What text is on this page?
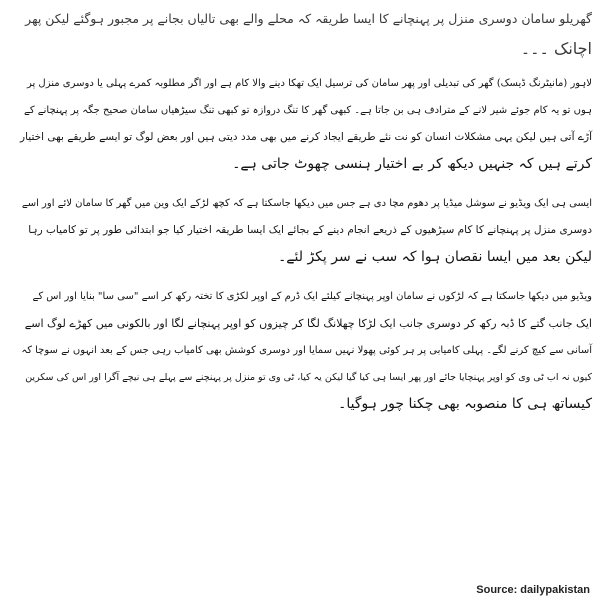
گھریلو سامان دوسری منزل پر پہنچانے کا ایسا طریقہ کہ محلے والے بھی تالیاں بجانے پر مجبور ہوگئے لیکن پھر
اچانک ۔۔۔
لاہور (مانیٹرنگ ڈیسک) گھر کی تبدیلی اور پھر سامان کی ترسیل ایک تھکا دینے والا کام ہے اور اگر مطلوبہ کمرے پہلی یا دوسری منزل پر
ہوں تو یہ کام جوئے شیر لانے کے مترادف ہی بن جاتا ہے۔ کبھی گھر کا تنگ دروازہ تو کبھی تنگ سیڑھیاں سامان صحیح جگہ پر پہنچانے کے
آڑے آتی ہیں لیکن یہی مشکلات انسان کو نت نئے طریقے ایجاد کرنے میں بھی مدد دیتی ہیں اور بعض لوگ تو ایسے طریقے بھی اختیار
کرتے ہیں کہ جنہیں دیکھ کر بے اختیار ہنسی چھوٹ جاتی ہے۔
ایسی ہی ایک ویڈیو نے سوشل میڈیا پر دھوم مچا دی ہے جس میں دیکھا جاسکتا ہے کہ کچھ لڑکے ایک وین میں گھر کا سامان لائے اور اسے
دوسری منزل پر پہنچانے کا کام سیڑھیوں کے ذریعے انجام دینے کے بجائے ایک ایسا طریقہ اختیار کیا جو ابتدائی طور پر تو کامیاب رہا
لیکن بعد میں ایسا نقصان ہوا کہ سب نے سر پکڑ لئے۔
ویڈیو میں دیکھا جاسکتا ہے کہ لڑکوں نے سامان اوپر پہنچانے کیلئے ایک ڈرم کے اوپر لکڑی کا تختہ رکھ کر اسے "سی سا" بنایا اور اس کے
ایک جانب گتے کا ڈبہ رکھ کر دوسری جانب ایک لڑکا چھلانگ لگا کر چیزوں کو اوپر پہنچانے لگا اور بالکونی میں کھڑے لوگ اسے
آسانی سے کیچ کرنے لگے۔ پہلی کامیابی پر ہر کوئی پھولا نہیں سمایا اور دوسری کوشش بھی کامیاب رہی جس کے بعد انہوں نے سوچا کہ
کیوں نہ اب ٹی وی کو اوپر پہنچایا جائے اور پھر ایسا ہی کیا گیا لیکن یہ کیا، ٹی وی تو منزل پر پہنچنے سے پہلے ہی نیچے آگرا اور اس کی سکرین
کیساتھ ہی کا منصوبہ بھی چکنا چور ہوگیا۔
Source: dailypakistan
